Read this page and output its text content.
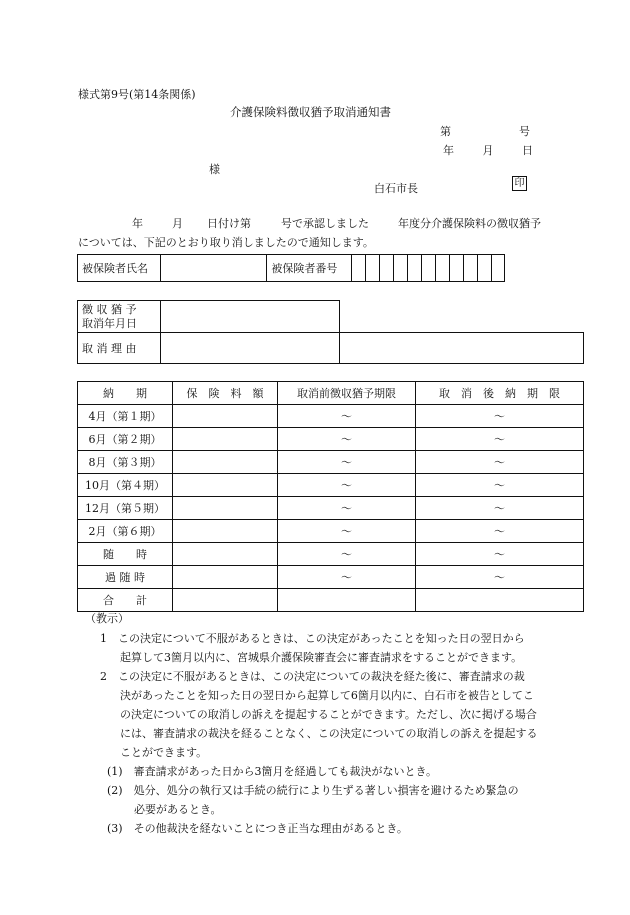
様式第9号(第14条関係)
介護保険料徴収猶予取消通知書
第	号
年	月	日
様
白石市長	印
年	月 日付け第	号で承認しました	年度分介護保険料の徴収猶予
については、下記のとおり取り消しましたので通知します。
被保険者氏名		被保険者番号											
徴 収 猶 予
取消年月日		

取 消 理 由		
納　　期	保　険　料　額	取消前徴収猶予期限	取　消　後　納　期　限
4月（第１期）		～	～
6月（第２期）		～	～
8月（第３期）		～	～
10月（第４期）		～	～
12月（第５期）		～	～
2月（第６期）		～	～
随　　時		～	～
過 随 時		～	～
合　　計			
（教示）
1　この決定について不服があるときは、この決定があったことを知った日の翌日から
起算して3箇月以内に、宮城県介護保険審査会に審査請求をすることができます。
2　この決定に不服があるときは、この決定についての裁決を経た後に、審査請求の裁
決があったことを知った日の翌日から起算して6箇月以内に、白石市を被告としてこ
の決定についての取消しの訴えを提起することができます。ただし、次に掲げる場合
には、審査請求の裁決を経ることなく、この決定についての取消しの訴えを提起する
ことができます。
(1)　審査請求があった日から3箇月を経過しても裁決がないとき。
(2)　処分、処分の執行又は手続の続行により生ずる著しい損害を避けるため緊急の
必要があるとき。
(3)　その他裁決を経ないことにつき正当な理由があるとき。
